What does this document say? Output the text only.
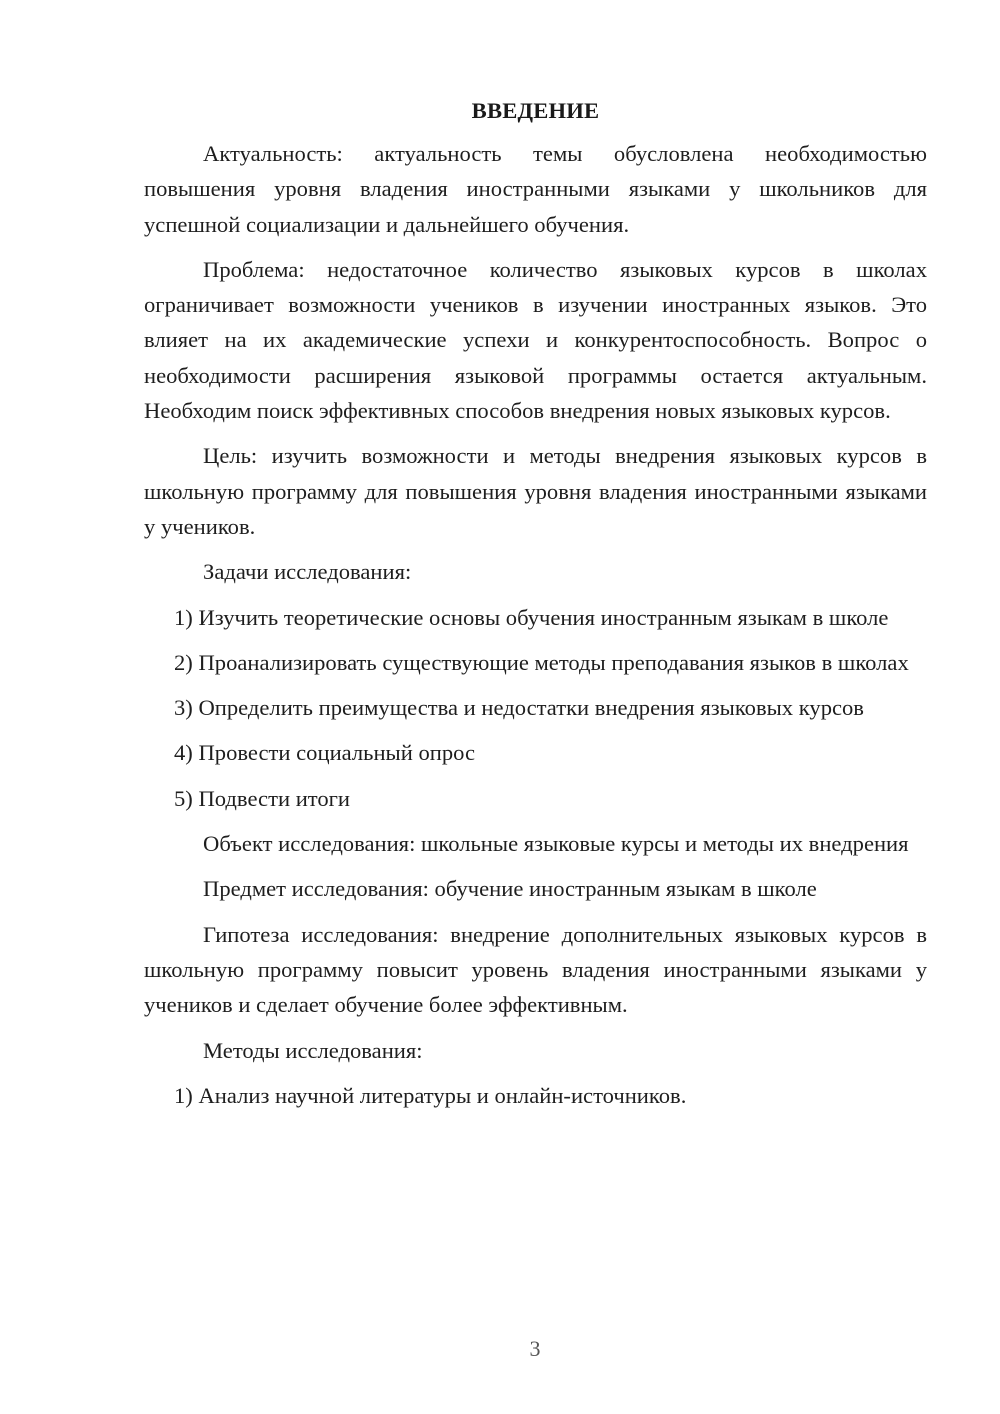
ВВЕДЕНИЕ

Актуальность: актуальность темы обусловлена необходимостью повышения уровня владения иностранными языками у школьников для успешной социализации и дальнейшего обучения.

Проблема: недостаточное количество языковых курсов в школах ограничивает возможности учеников в изучении иностранных языков. Это влияет на их академические успехи и конкурентоспособность. Вопрос о необходимости расширения языковой программы остается актуальным. Необходим поиск эффективных способов внедрения новых языковых курсов.

Цель: изучить возможности и методы внедрения языковых курсов в школьную программу для повышения уровня владения иностранными языками у учеников.

Задачи исследования:

1) Изучить теоретические основы обучения иностранным языкам в школе

2) Проанализировать существующие методы преподавания языков в школах

3) Определить преимущества и недостатки внедрения языковых курсов

4) Провести социальный опрос

5) Подвести итоги

Объект исследования: школьные языковые курсы и методы их внедрения

Предмет исследования: обучение иностранным языкам в школе

Гипотеза исследования: внедрение дополнительных языковых курсов в школьную программу повысит уровень владения иностранными языками у учеников и сделает обучение более эффективным.

Методы исследования:

1) Анализ научной литературы и онлайн-источников.

3
